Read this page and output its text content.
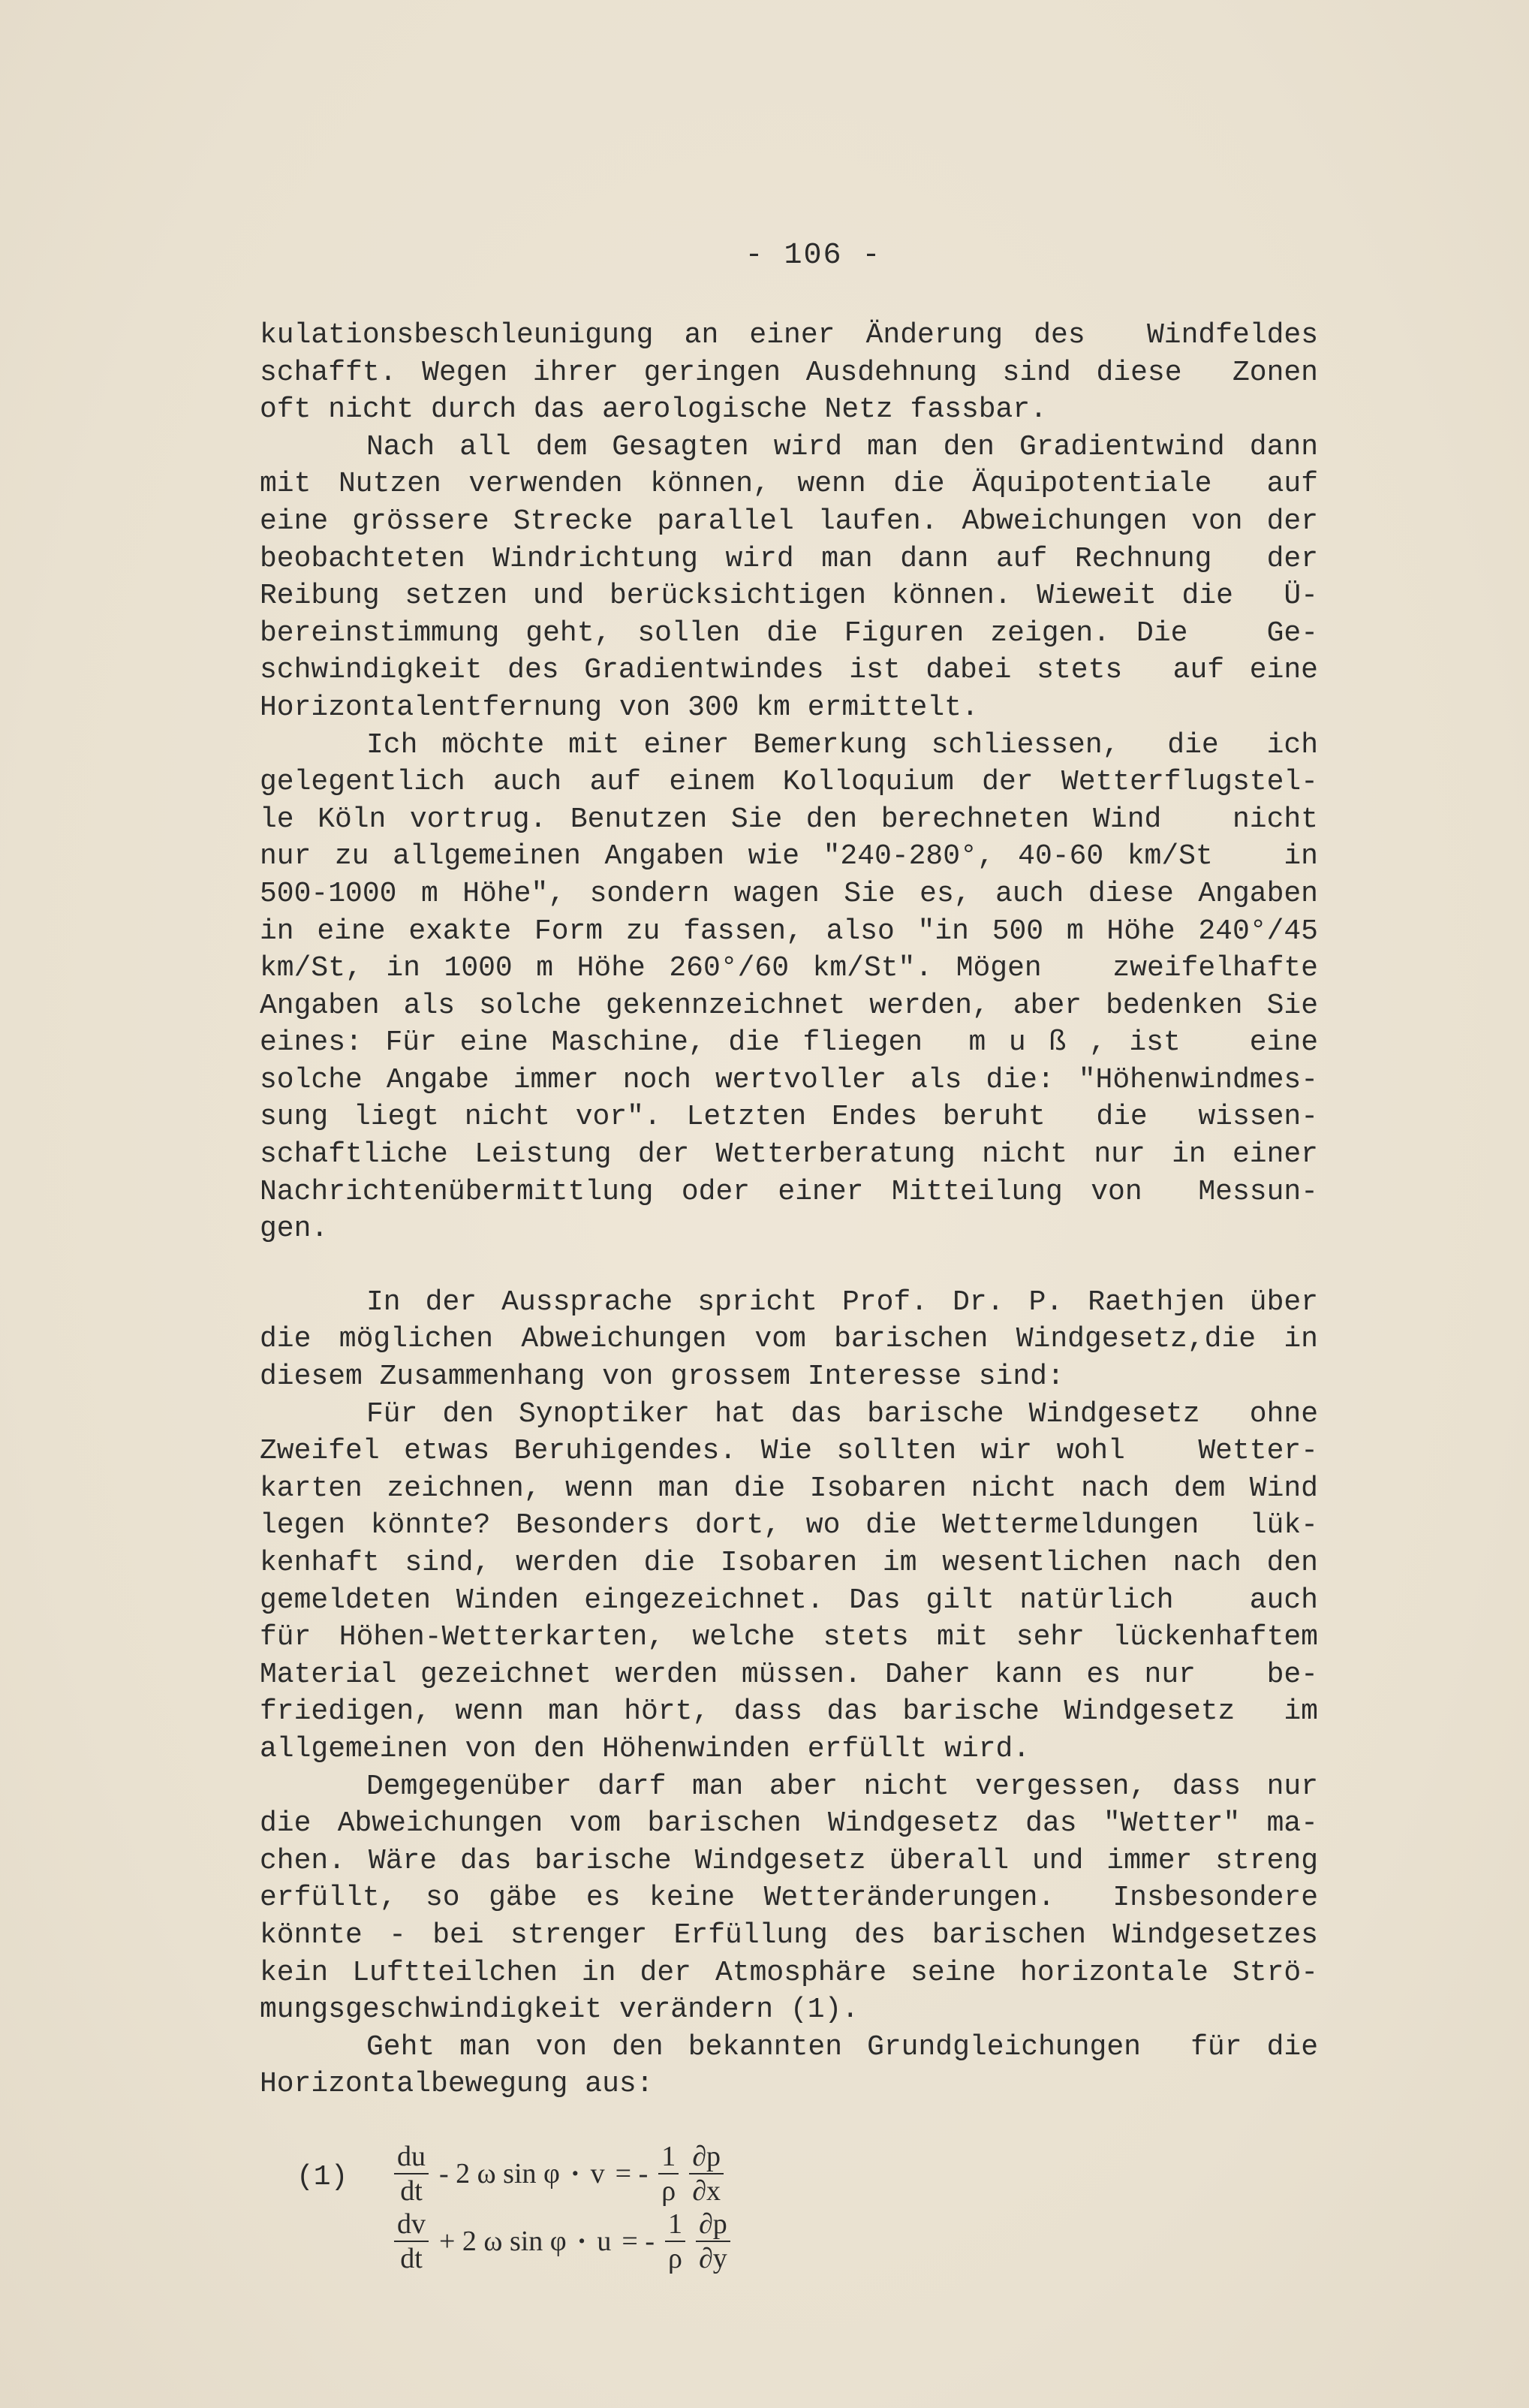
- 106 -
kulationsbeschleunigung an einer Änderung des  Windfeldes
schafft. Wegen ihrer geringen Ausdehnung sind diese  Zonen
oft nicht durch das aerologische Netz fassbar.
Nach all dem Gesagten wird man den Gradientwind dann
mit Nutzen verwenden können, wenn die Äquipotentiale  auf
eine grössere Strecke parallel laufen. Abweichungen von der
beobachteten Windrichtung wird man dann auf Rechnung  der
Reibung setzen und berücksichtigen können. Wieweit die  Ü-
bereinstimmung geht, sollen die Figuren zeigen. Die   Ge-
schwindigkeit des Gradientwindes ist dabei stets  auf eine
Horizontalentfernung von 300 km ermittelt.
Ich möchte mit einer Bemerkung schliessen,  die  ich
gelegentlich auch auf einem Kolloquium der Wetterflugstel-
le Köln vortrug. Benutzen Sie den berechneten Wind   nicht
nur zu allgemeinen Angaben wie "240-280°, 40-60 km/St   in
500-1000 m Höhe", sondern wagen Sie es, auch diese Angaben
in eine exakte Form zu fassen, also "in 500 m Höhe 240°/45
km/St, in 1000 m Höhe 260°/60 km/St". Mögen   zweifelhafte
Angaben als solche gekennzeichnet werden, aber bedenken Sie
eines: Für eine Maschine, die fliegen  m u ß , ist   eine
solche Angabe immer noch wertvoller als die: "Höhenwindmes-
sung liegt nicht vor". Letzten Endes beruht  die  wissen-
schaftliche Leistung der Wetterberatung nicht nur in einer
Nachrichtenübermittlung oder einer Mitteilung von  Messun-
gen.
In der Aussprache spricht Prof. Dr. P. Raethjen über
die möglichen Abweichungen vom barischen Windgesetz,die in
diesem Zusammenhang von grossem Interesse sind:
Für den Synoptiker hat das barische Windgesetz  ohne
Zweifel etwas Beruhigendes. Wie sollten wir wohl   Wetter-
karten zeichnen, wenn man die Isobaren nicht nach dem Wind
legen könnte? Besonders dort, wo die Wettermeldungen  lük-
kenhaft sind, werden die Isobaren im wesentlichen nach den
gemeldeten Winden eingezeichnet. Das gilt natürlich   auch
für Höhen-Wetterkarten, welche stets mit sehr lückenhaftem
Material gezeichnet werden müssen. Daher kann es nur   be-
friedigen, wenn man hört, dass das barische Windgesetz  im
allgemeinen von den Höhenwinden erfüllt wird.
Demgegenüber darf man aber nicht vergessen, dass nur
die Abweichungen vom barischen Windgesetz das "Wetter" ma-
chen. Wäre das barische Windgesetz überall und immer streng
erfüllt, so gäbe es keine Wetteränderungen.  Insbesondere
könnte - bei strenger Erfüllung des barischen Windgesetzes
kein Luftteilchen in der Atmosphäre seine horizontale Strö-
mungsgeschwindigkeit verändern (1).
Geht man von den bekannten Grundgleichungen  für die
Horizontalbewegung aus:
$(1) \frac{du}{dt} - 2$ ω sin φ · v = - $\frac{1}{\rho} \frac{\partial p}{\partial x}$
$\frac{dv}{dt} + 2$ ω sin φ · u = - $\frac{1}{\rho} \frac{\partial p}{\partial y}$
